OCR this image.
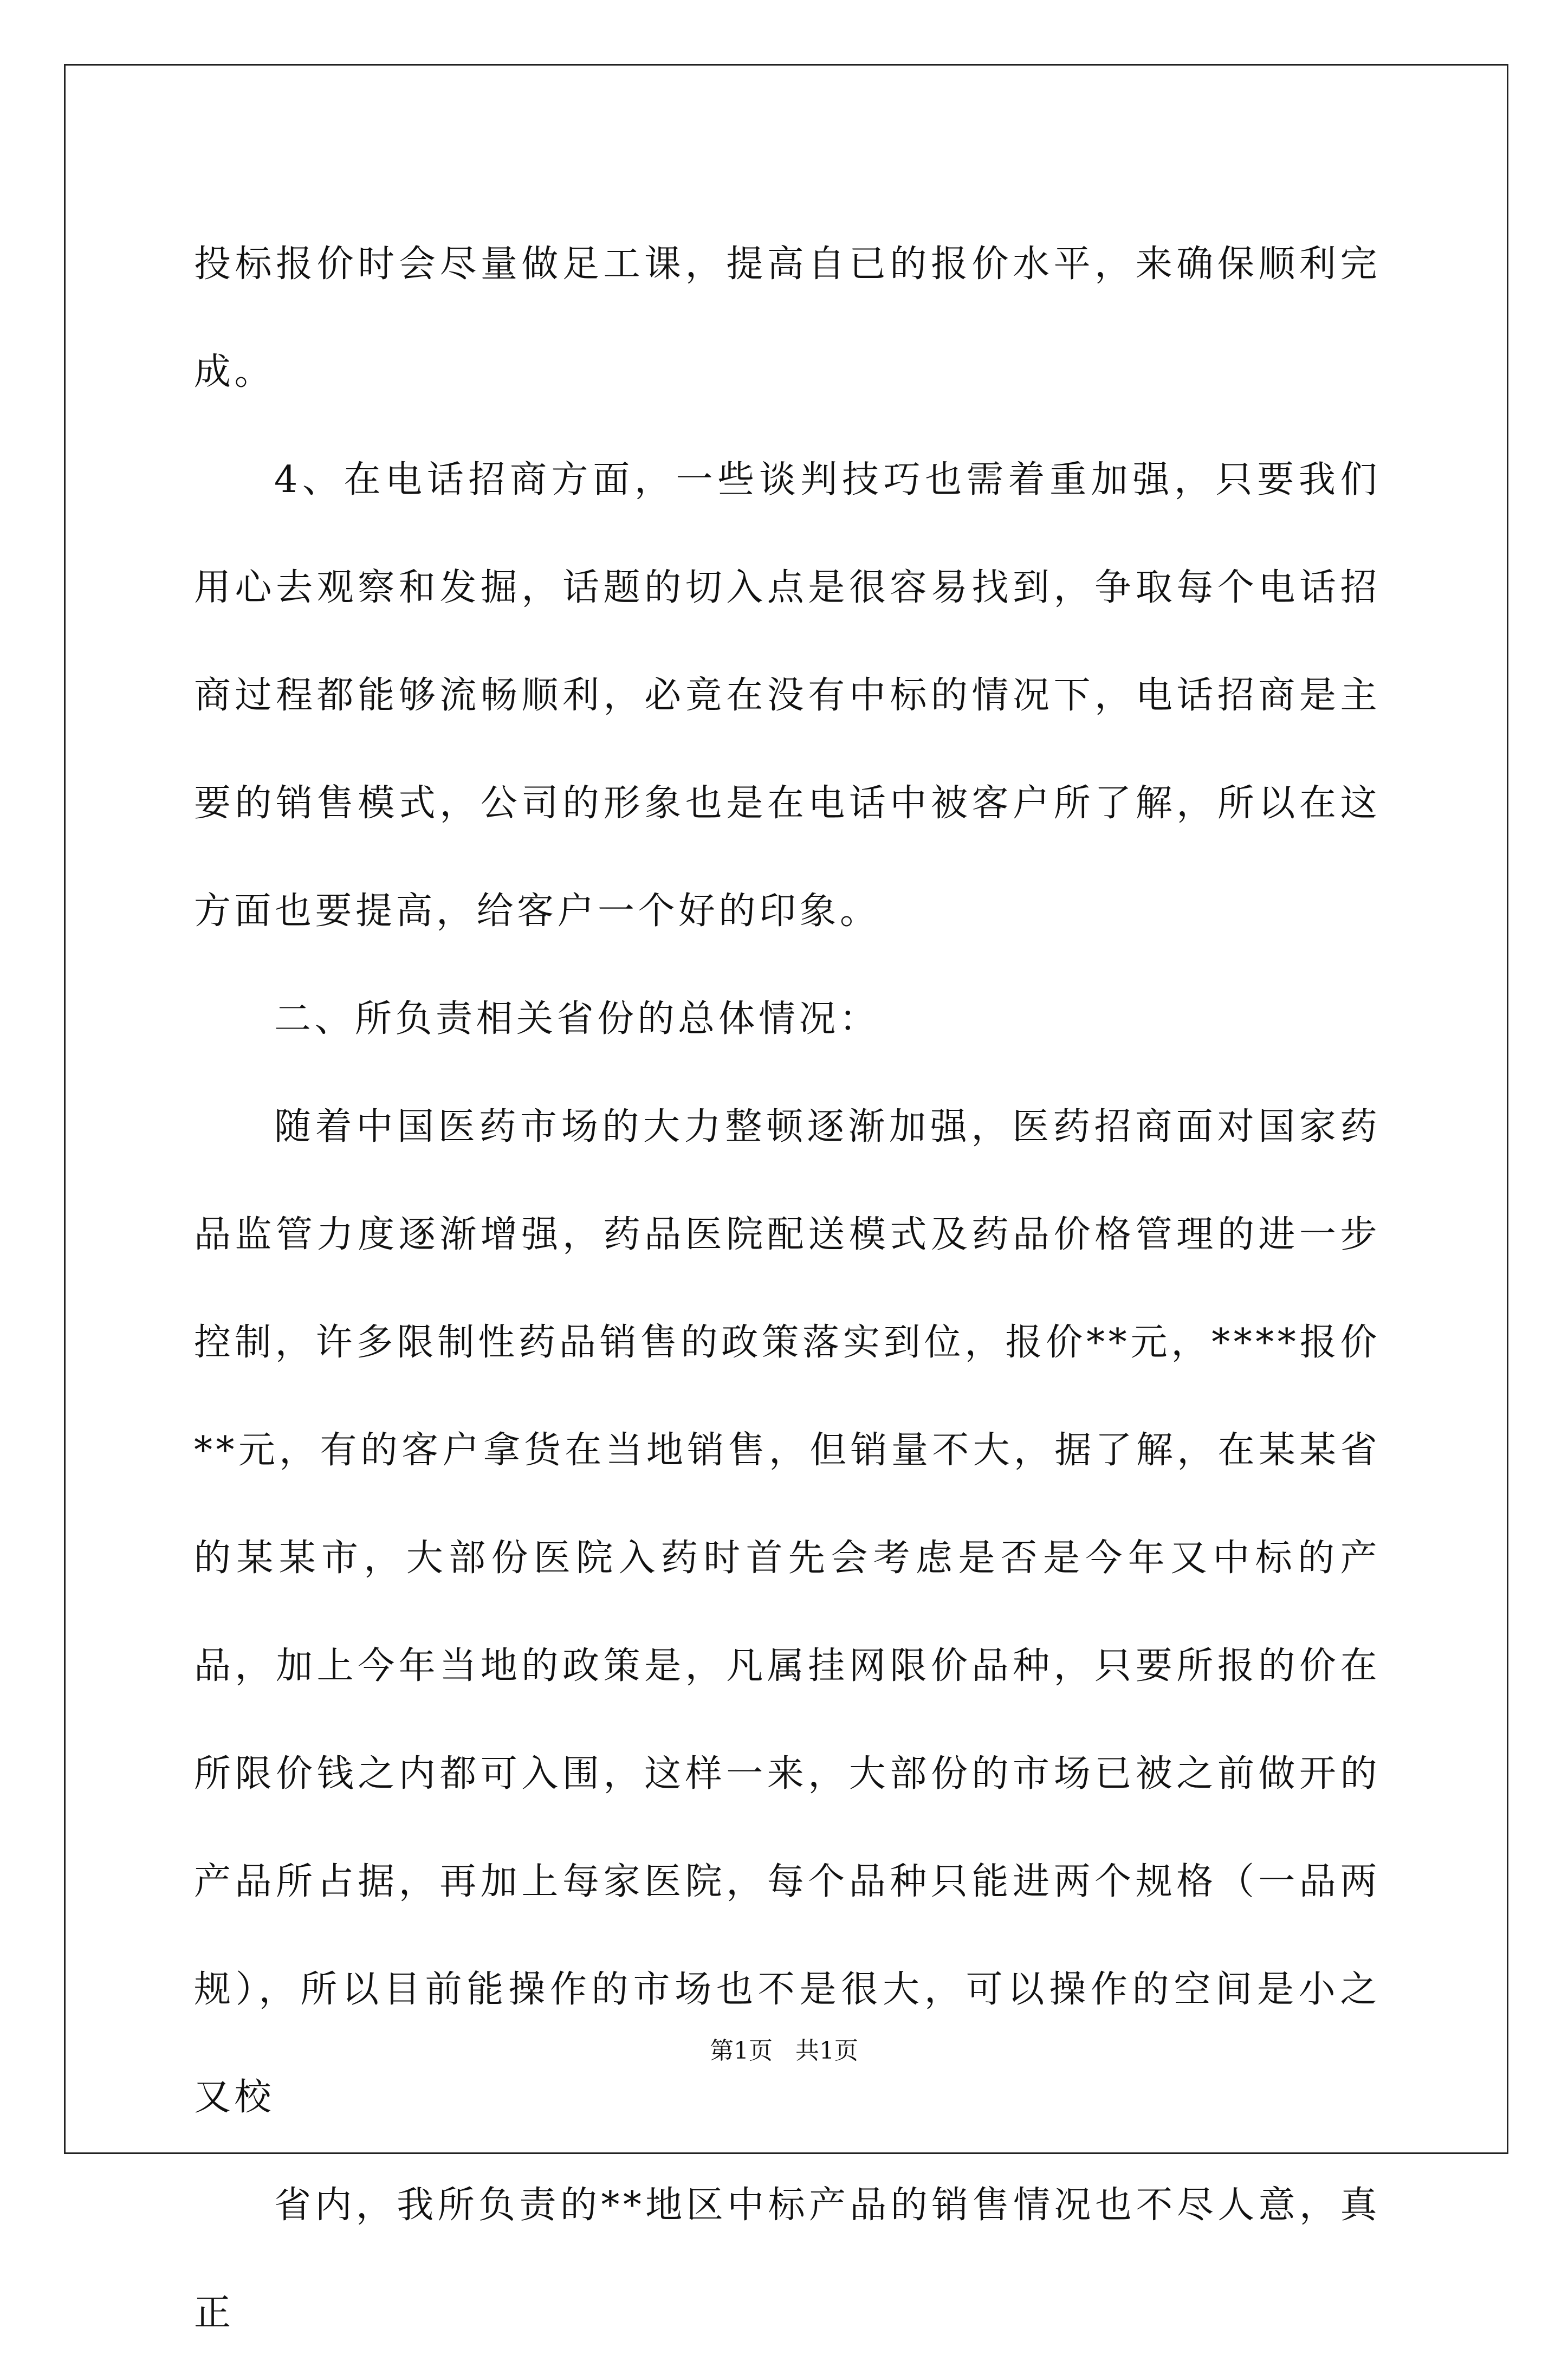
投标报价时会尽量做足工课，提高自已的报价水平，来确保顺利完成。

4、在电话招商方面，一些谈判技巧也需着重加强，只要我们用心去观察和发掘，话题的切入点是很容易找到，争取每个电话招商过程都能够流畅顺利，必竟在没有中标的情况下，电话招商是主要的销售模式，公司的形象也是在电话中被客户所了解，所以在这方面也要提高，给客户一个好的印象。

二、所负责相关省份的总体情况：

随着中国医药市场的大力整顿逐渐加强，医药招商面对国家药品监管力度逐渐增强，药品医院配送模式及药品价格管理的进一步控制，许多限制性药品销售的政策落实到位，报价**元，****报价**元，有的客户拿货在当地销售，但销量不大，据了解，在某某省的某某市，大部份医院入药时首先会考虑是否是今年又中标的产品，加上今年当地的政策是，凡属挂网限价品种，只要所报的价在所限价钱之内都可入围，这样一来，大部份的市场已被之前做开的产品所占据，再加上每家医院，每个品种只能进两个规格（一品两规），所以目前能操作的市场也不是很大，可以操作的空间是小之又校

省内，我所负责的**地区中标产品的销售情况也不尽人意，真正

第1页 共1页
